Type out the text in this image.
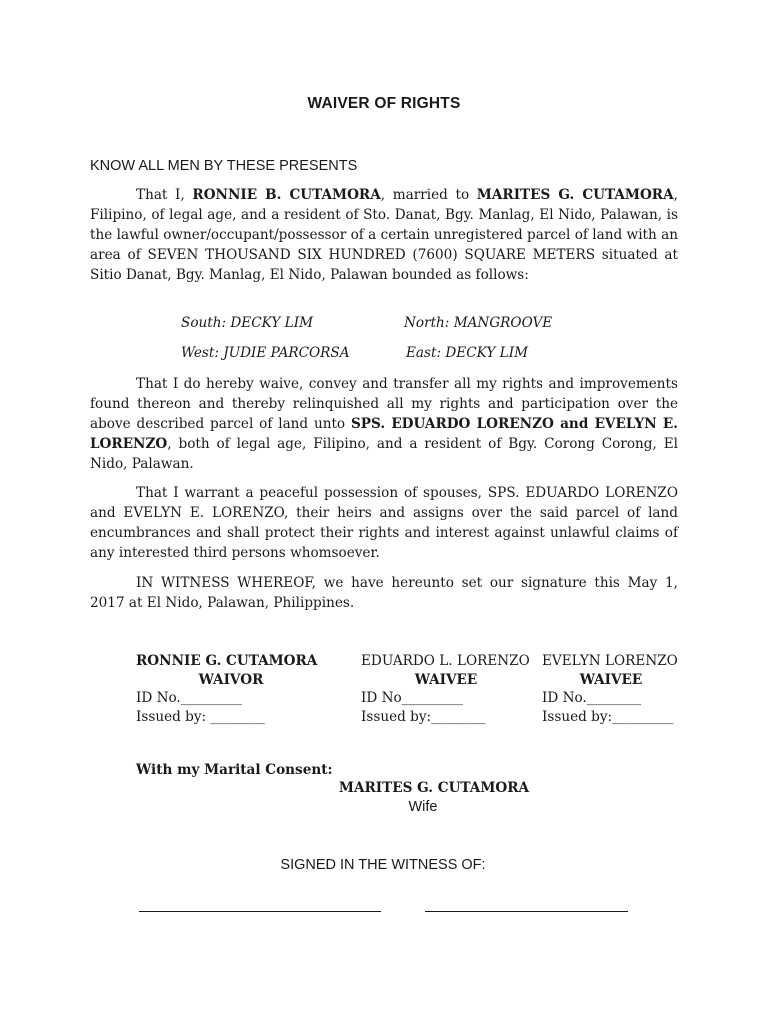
WAIVER OF RIGHTS
KNOW ALL MEN BY THESE PRESENTS
That I, RONNIE B. CUTAMORA, married to MARITES G. CUTAMORA, Filipino, of legal age, and a resident of Sto. Danat, Bgy. Manlag, El Nido, Palawan, is the lawful owner/occupant/possessor of a certain unregistered parcel of land with an area of SEVEN THOUSAND SIX HUNDRED (7600) SQUARE METERS situated at Sitio Danat, Bgy. Manlag, El Nido, Palawan bounded as follows:
South: DECKY LIM	North: MANGROOVE
West: JUDIE PARCORSA	East: DECKY LIM
That I do hereby waive, convey and transfer all my rights and improvements found thereon and thereby relinquished all my rights and participation over the above described parcel of land unto SPS. EDUARDO LORENZO and EVELYN E. LORENZO, both of legal age, Filipino, and a resident of Bgy. Corong Corong, El Nido, Palawan.
That I warrant a peaceful possession of spouses, SPS. EDUARDO LORENZO and EVELYN E. LORENZO, their heirs and assigns over the said parcel of land encumbrances and shall protect their rights and interest against unlawful claims of any interested third persons whomsoever.
IN WITNESS WHEREOF, we have hereunto set our signature this May 1, 2017 at El Nido, Palawan, Philippines.
RONNIE G. CUTAMORA
WAIVOR
ID No._________
Issued by: ________
EDUARDO L. LORENZO
WAIVEE
ID No_________
Issued by:________
EVELYN LORENZO
WAIVEE
ID No.________
Issued by:_________
With my Marital Consent:
MARITES G. CUTAMORA
Wife
SIGNED IN THE WITNESS OF:
